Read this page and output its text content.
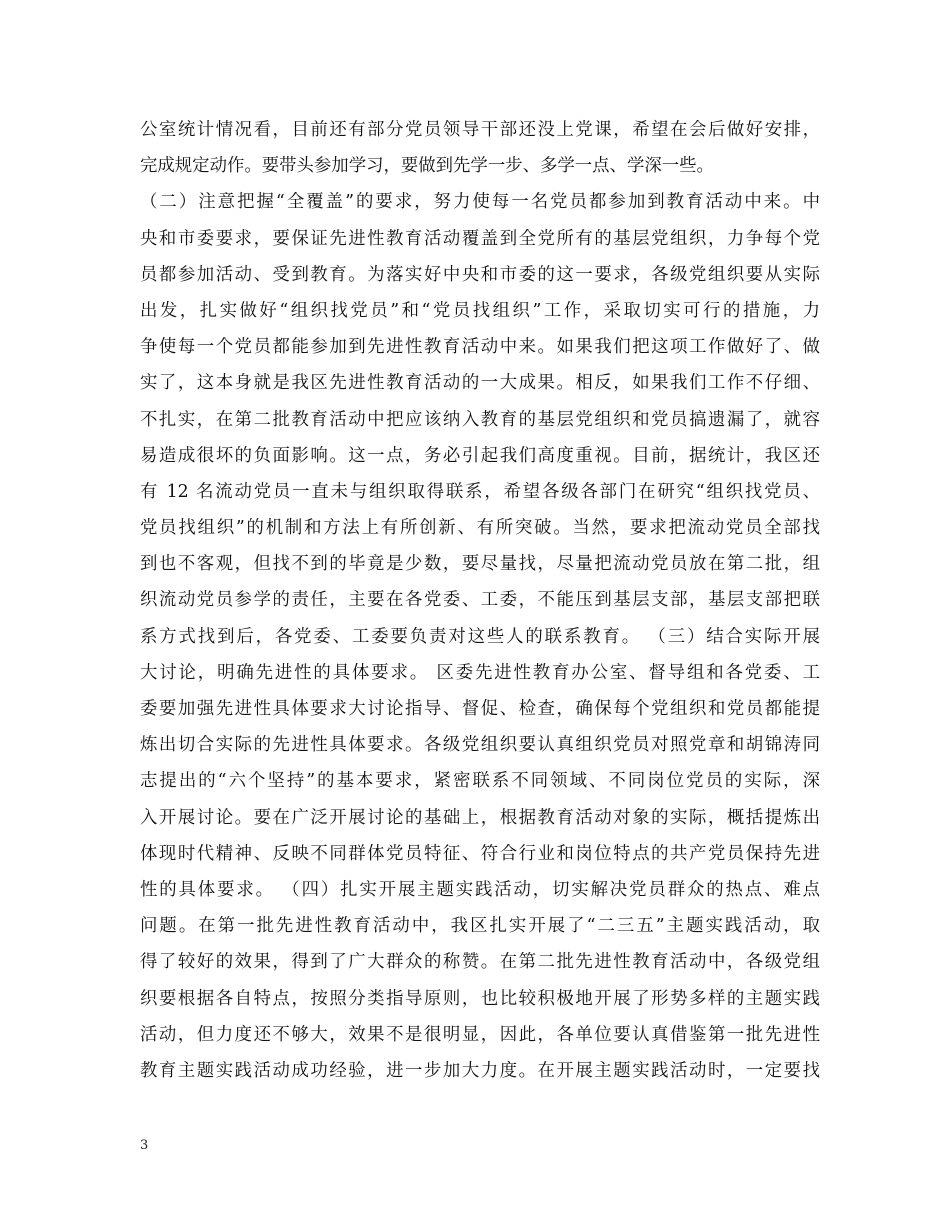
公室统计情况看，目前还有部分党员领导干部还没上党课，希望在会后做好安排，
完成规定动作。要带头参加学习，要做到先学一步、多学一点、学深一些。
（二）注意把握“全覆盖”的要求，努力使每一名党员都参加到教育活动中来。中
央和市委要求，要保证先进性教育活动覆盖到全党所有的基层党组织，力争每个党
员都参加活动、受到教育。为落实好中央和市委的这一要求，各级党组织要从实际
出发，扎实做好“组织找党员”和“党员找组织”工作，采取切实可行的措施，力
争使每一个党员都能参加到先进性教育活动中来。如果我们把这项工作做好了、做
实了，这本身就是我区先进性教育活动的一大成果。相反，如果我们工作不仔细、
不扎实，在第二批教育活动中把应该纳入教育的基层党组织和党员搞遗漏了，就容
易造成很坏的负面影响。这一点，务必引起我们高度重视。目前，据统计，我区还
有 12 名流动党员一直未与组织取得联系，希望各级各部门在研究“组织找党员、
党员找组织”的机制和方法上有所创新、有所突破。当然，要求把流动党员全部找
到也不客观，但找不到的毕竟是少数，要尽量找，尽量把流动党员放在第二批，组
织流动党员参学的责任，主要在各党委、工委，不能压到基层支部，基层支部把联
系方式找到后，各党委、工委要负责对这些人的联系教育。 （三）结合实际开展
大讨论，明确先进性的具体要求。 区委先进性教育办公室、督导组和各党委、工
委要加强先进性具体要求大讨论指导、督促、检查，确保每个党组织和党员都能提
炼出切合实际的先进性具体要求。各级党组织要认真组织党员对照党章和胡锦涛同
志提出的“六个坚持”的基本要求，紧密联系不同领域、不同岗位党员的实际，深
入开展讨论。要在广泛开展讨论的基础上，根据教育活动对象的实际，概括提炼出
体现时代精神、反映不同群体党员特征、符合行业和岗位特点的共产党员保持先进
性的具体要求。 （四）扎实开展主题实践活动，切实解决党员群众的热点、难点
问题。在第一批先进性教育活动中，我区扎实开展了“二三五”主题实践活动，取
得了较好的效果，得到了广大群众的称赞。在第二批先进性教育活动中，各级党组
织要根据各自特点，按照分类指导原则，也比较积极地开展了形势多样的主题实践
活动，但力度还不够大，效果不是很明显，因此，各单位要认真借鉴第一批先进性
教育主题实践活动成功经验，进一步加大力度。在开展主题实践活动时，一定要找
3
